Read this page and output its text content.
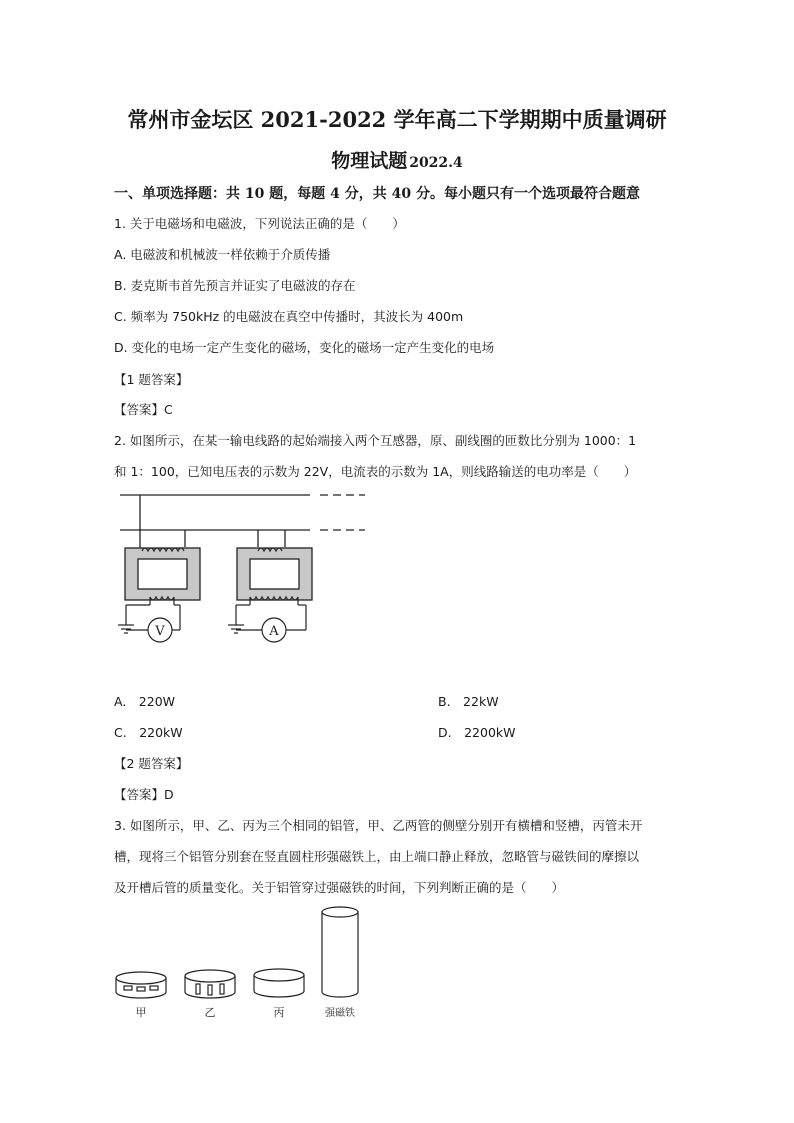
常州市金坛区 2021-2022 学年高二下学期期中质量调研
物理试题 2022.4
一、单项选择题：共 10 题，每题 4 分，共 40 分。每小题只有一个选项最符合题意
1. 关于电磁场和电磁波，下列说法正确的是（　　）
A. 电磁波和机械波一样依赖于介质传播
B. 麦克斯韦首先预言并证实了电磁波的存在
C. 频率为 750kHz 的电磁波在真空中传播时，其波长为 400m
D. 变化的电场一定产生变化的磁场，变化的磁场一定产生变化的电场
【1 题答案】
【答案】C
2. 如图所示，在某一输电线路的起始端接入两个互感器，原、副线圈的匝数比分别为 1000：1
和 1：100，已知电压表的示数为 22V，电流表的示数为 1A，则线路输送的电功率是（　　）
V	A
A.　220W	B.　22kW
C.　220kW	D.　2200kW
【2 题答案】
【答案】D
3. 如图所示，甲、乙、丙为三个相同的铝管，甲、乙两管的侧壁分别开有横槽和竖槽，丙管未开
槽，现将三个铝管分别套在竖直圆柱形强磁铁上，由上端口静止释放，忽略管与磁铁间的摩擦以
及开槽后管的质量变化。关于铝管穿过强磁铁的时间，下列判断正确的是（　　）
甲	乙	丙	强磁铁
